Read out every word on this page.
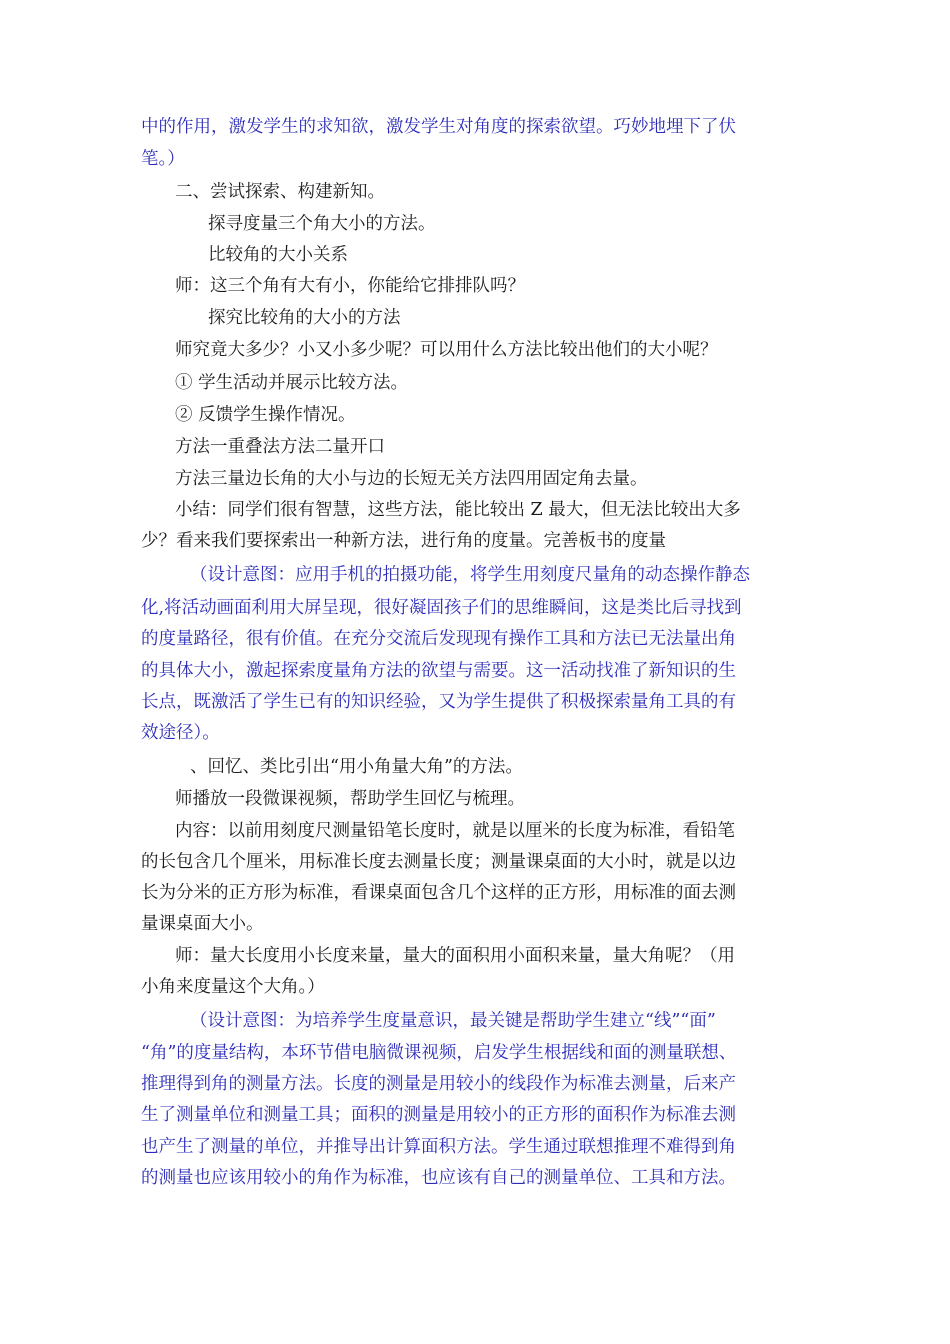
中的作用，激发学生的求知欲，激发学生对角度的探索欲望。巧妙地埋下了伏
笔。）
二、尝试探索、构建新知。
探寻度量三个角大小的方法。
比较角的大小关系
师：这三个角有大有小，你能给它排排队吗？
探究比较角的大小的方法
师究竟大多少？小又小多少呢？可以用什么方法比较出他们的大小呢？
① 学生活动并展示比较方法。
② 反馈学生操作情况。
方法一重叠法方法二量开口
方法三量边长角的大小与边的长短无关方法四用固定角去量。
小结：同学们很有智慧，这些方法，能比较出 Z 最大，但无法比较出大多
少？看来我们要探索出一种新方法，进行角的度量。完善板书的度量
（设计意图：应用手机的拍摄功能，将学生用刻度尺量角的动态操作静态
化,将活动画面利用大屏呈现，很好凝固孩子们的思维瞬间，这是类比后寻找到
的度量路径，很有价值。在充分交流后发现现有操作工具和方法已无法量出角
的具体大小，激起探索度量角方法的欲望与需要。这一活动找准了新知识的生
长点，既激活了学生已有的知识经验，又为学生提供了积极探索量角工具的有
效途径）。
、回忆、类比引出“用小角量大角”的方法。
师播放一段微课视频，帮助学生回忆与梳理。
内容：以前用刻度尺测量铅笔长度时，就是以厘米的长度为标准，看铅笔
的长包含几个厘米，用标准长度去测量长度；测量课桌面的大小时，就是以边
长为分米的正方形为标准，看课桌面包含几个这样的正方形，用标准的面去测
量课桌面大小。
师：量大长度用小长度来量，量大的面积用小面积来量，量大角呢？（用
小角来度量这个大角。）
（设计意图：为培养学生度量意识，最关键是帮助学生建立“线”“面”
“角”的度量结构，本环节借电脑微课视频，启发学生根据线和面的测量联想、
推理得到角的测量方法。长度的测量是用较小的线段作为标准去测量，后来产
生了测量单位和测量工具；面积的测量是用较小的正方形的面积作为标准去测
也产生了测量的单位，并推导出计算面积方法。学生通过联想推理不难得到角
的测量也应该用较小的角作为标准，也应该有自己的测量单位、工具和方法。
